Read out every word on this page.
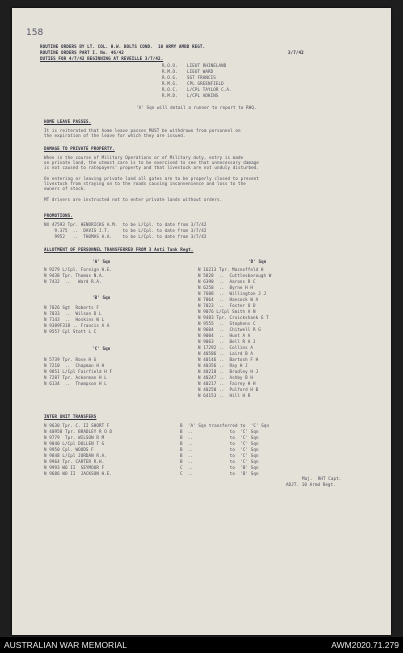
158
ROUTINE ORDERS BY LT. COL. H.W. BOLTS COND.  10 ARMY AMBD REGT.
ROUTINE ORDERS PART I. No. 46/42	3/7/42
DUTIES FOR 4/7/42 BEGINNING AT REVEILLE 3/7/42.
R.O.O. LIEUT RHINELAND
R.M.O. LIEUT WARD
R.O.G. SGT FRANCIS
R.M.G. CPL GREENFIELD
R.O.C. L/CPL TAYLOR C.A.
R.M.D. L/CPL ADKINS
'A' Sqn will detail a runner to report to RHQ.
HOME LEAVE PASSES.
It is reiterated that home leave passes MUST be withdrawn from personnel on
the expiration of the leave for which they are issued.
DAMAGE TO PRIVATE PROPERTY.
When in the course of Military Operations or of Military duty, entry is made
on private land, the utmost care is to be exercised to see that unnecessary damage
is not caused to ratepayers' property and that livestock are not unduly disturbed.
On entering or leaving private land all gates are to be properly closed to prevent
livestock from straying on to the roads causing inconvenience and loss to the
owners of stock.
MT drivers are instructed not to enter private lands without orders.
PROMOTIONS.
NX 47593 Tpr. HENDRICKS A.M.  to be L/Cpl. to date from 3/7/42
9.375  ..  DAVIS J.T.     to be L/Cpl. to date from 3/7/42
9952   ..  THOMAS A.A.    to be L/Cpl. to date from 3/7/42
ALLOTMENT OF PERSONNEL TRANSFERRED FROM 3 Anti Tank Regt.
'A' Sqn
N 9279 L/Cpl. Foreign H.E.
N 9438 Tpr. Thomas N.A.
N 7432  ..   Ward R.A.
'B' Sqn
N 7026 Sgt  Roberts F
N 7033  ..  Wilson D L
N 7143  ..  Hoskins W L
N 9389F318 .. Francis A A
N 9557 Cpl Stott L C
'C' Sqn
N 5739 Tpr. Rose H G
N 7210  ..  Chapman H H
N 9851 L/Cpl Fairfield H F
N 7287 Tpr. Ackerman H L
N 6134  ..  Thompson H L
'D' Sqn
N 16213 Tpr. Macnoffeld H
N 5828  ..  Cuttlesborough W
N 6390  ..  Aarons R C
N 6258  ..  Byrne H H
N 7608  ..  Willington J J
N 7064  ..  Hancock W A
N 7023  ..  Foster O D
N 9076 L/Cpl Smith A N
N 9483 Tpr. Cruickshank G T
N 9555  ..  Stephens C
N 9604  ..  Chitwell R G
N 9004  ..  Hunt A A
N 9063  ..  Bell R A J
N 17292 ..  Collins A
N 40586 ..  Laird B A
N 40146 ..  Bartosh F H
N 40356 ..  Ray H J
N 40218 ..  Bradley H J
N 40247 ..  Ashby B H
N 40217 ..  Fairey H H
N 40250 ..  Pulford H B
N 64153 ..  Hill H R
INTER UNIT TRANSFERS
N 9630 Tpr. C. II SHORT F	B  'A' Sqn transferred to  'C' Sqn
N 40958 Tpr. BRADLEY R O D	B  ..              to  'C' Sqn
N 9779  Tpr. WILSON R M	B  ..              to  'C' Sqn
N 9040 L/Cpl DULLEN T G	B  ..              to  'C' Sqn
N 9950 Cpl. WOODS F	B  ..              to  'C' Sqn
N 9848 L/Cpl JORDAN R.A.	B  ..              to  'C' Sqn
N 9964 Tpr. CARTER R.H.	B  ..              to  'C' Sqn
N 9993 WO II  SEYMOUR F	C  ..              to  'B' Sqn
N 9686 WO II  JACKSON H.E.	C  ..              to  'B' Sqn
Maj.  RHT Capt.
ADJT. 10 Armd Regt.
AUSTRALIAN WAR MEMORIAL	AWM2020.71.279
